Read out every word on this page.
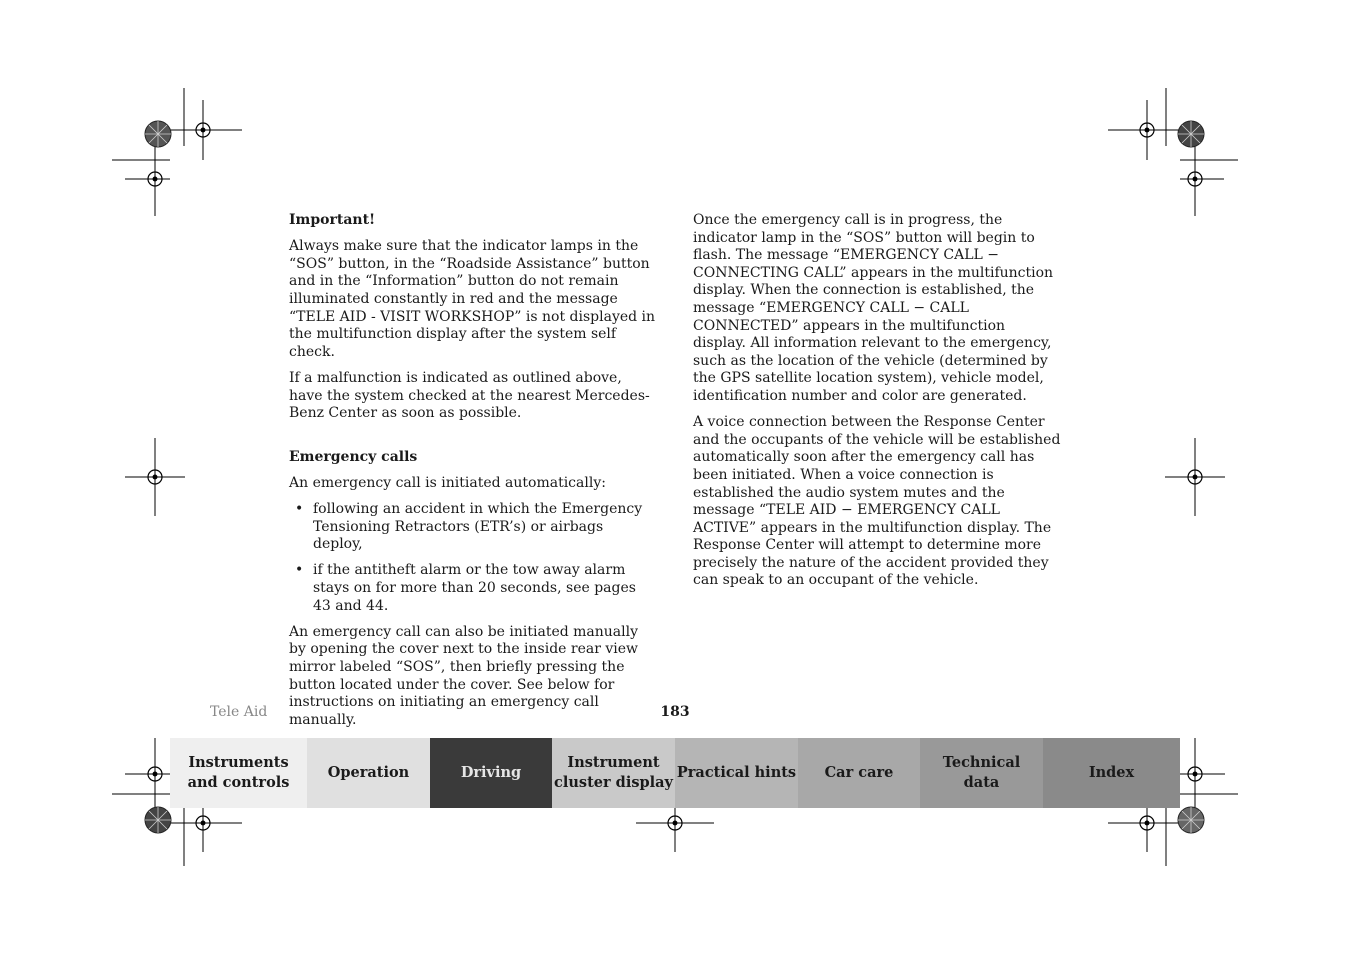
Important!

Always make sure that the indicator lamps in the “SOS” button, in the “Roadside Assistance” button and in the “Information” button do not remain illuminated constantly in red and the message “TELE AID - VISIT WORKSHOP” is not displayed in the multifunction display after the system self check.

If a malfunction is indicated as outlined above, have the system checked at the nearest Mercedes-Benz Center as soon as possible.

Emergency calls

An emergency call is initiated automatically:

• following an accident in which the Emergency Tensioning Retractors (ETR’s) or airbags deploy,
• if the antitheft alarm or the tow away alarm stays on for more than 20 seconds, see pages 43 and 44.

An emergency call can also be initiated manually by opening the cover next to the inside rear view mirror labeled “SOS”, then briefly pressing the button located under the cover. See below for instructions on initiating an emergency call manually.

Once the emergency call is in progress, the indicator lamp in the “SOS” button will begin to flash. The message “EMERGENCY CALL − CONNECTING CALL” appears in the multifunction display. When the connection is established, the message “EMERGENCY CALL − CALL CONNECTED” appears in the multifunction display. All information relevant to the emergency, such as the location of the vehicle (determined by the GPS satellite location system), vehicle model, identification number and color are generated.

A voice connection between the Response Center and the occupants of the vehicle will be established automatically soon after the emergency call has been initiated. When a voice connection is established the audio system mutes and the message “TELE AID − EMERGENCY CALL ACTIVE” appears in the multifunction display. The Response Center will attempt to determine more precisely the nature of the accident provided they can speak to an occupant of the vehicle.

Tele Aid	183
Instruments
and controls
Operation	Driving
Instrument
cluster display
Practical hints	Car care
Technical
data
Index
